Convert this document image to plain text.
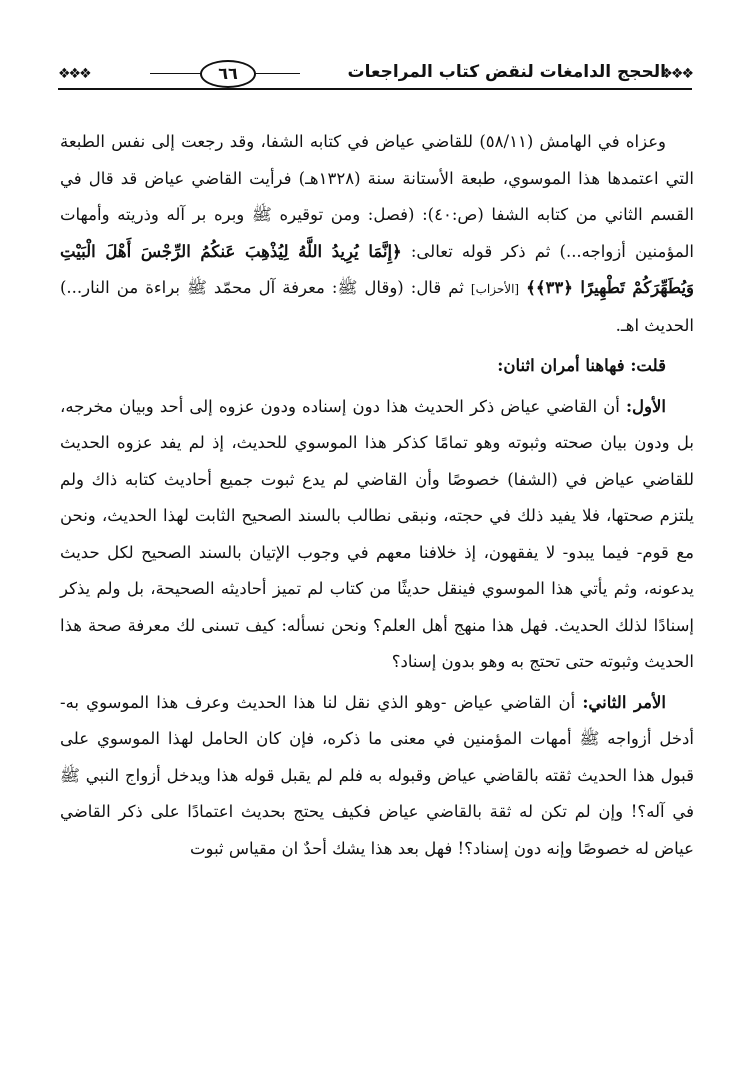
❖❖❖
الحجج الدامغات لنقض كتاب المراجعات
٦٦
❖❖❖

وعزاه في الهامش (٥٨/١١) للقاضي عياض في كتابه الشفا، وقد رجعت إلى نفس الطبعة التي اعتمدها هذا الموسوي، طبعة الأستانة سنة (١٣٢٨هـ) فرأيت القاضي عياض قد قال في القسم الثاني من كتابه الشفا (ص:٤٠): (فصل: ومن توقيره ﷺ وبره بر آله وذريته وأمهات المؤمنين أزواجه...) ثم ذكر قوله تعالى: ﴿إِنَّمَا يُرِيدُ اللَّهُ لِيُذْهِبَ عَنكُمُ الرِّجْسَ أَهْلَ الْبَيْتِ وَيُطَهِّرَكُمْ تَطْهِيرًا ﴿٣٣﴾﴾ [الأحزاب] ثم قال: (وقال ﷺ: معرفة آل محمّد ﷺ براءة من النار...) الحديث اهـ.

قلت: فهاهنا أمران اثنان:

الأول: أن القاضي عياض ذكر الحديث هذا دون إسناده ودون عزوه إلى أحد وبيان مخرجه، بل ودون بيان صحته وثبوته وهو تمامًا كذكر هذا الموسوي للحديث، إذ لم يفد عزوه الحديث للقاضي عياض في (الشفا) خصوصًا وأن القاضي لم يدع ثبوت جميع أحاديث كتابه ذاك ولم يلتزم صحتها، فلا يفيد ذلك في حجته، ونبقى نطالب بالسند الصحيح الثابت لهذا الحديث، ونحن مع قوم- فيما يبدو- لا يفقهون، إذ خلافنا معهم في وجوب الإتيان بالسند الصحيح لكل حديث يدعونه، وثم يأتي هذا الموسوي فينقل حديثًا من كتاب لم تميز أحاديثه الصحيحة، بل ولم يذكر إسنادًا لذلك الحديث. فهل هذا منهج أهل العلم؟ ونحن نسأله: كيف تسنى لك معرفة صحة هذا الحديث وثبوته حتى تحتج به وهو بدون إسناد؟

الأمر الثاني: أن القاضي عياض -وهو الذي نقل لنا هذا الحديث وعرف هذا الموسوي به- أدخل أزواجه ﷺ أمهات المؤمنين في معنى ما ذكره، فإن كان الحامل لهذا الموسوي على قبول هذا الحديث ثقته بالقاضي عياض وقبوله به فلم لم يقبل قوله هذا ويدخل أزواج النبي ﷺ في آله؟! وإن لم تكن له ثقة بالقاضي عياض فكيف يحتج بحديث اعتمادًا على ذكر القاضي عياض له خصوصًا وإنه دون إسناد؟! فهل بعد هذا يشك أحدٌ ان مقياس ثبوت
